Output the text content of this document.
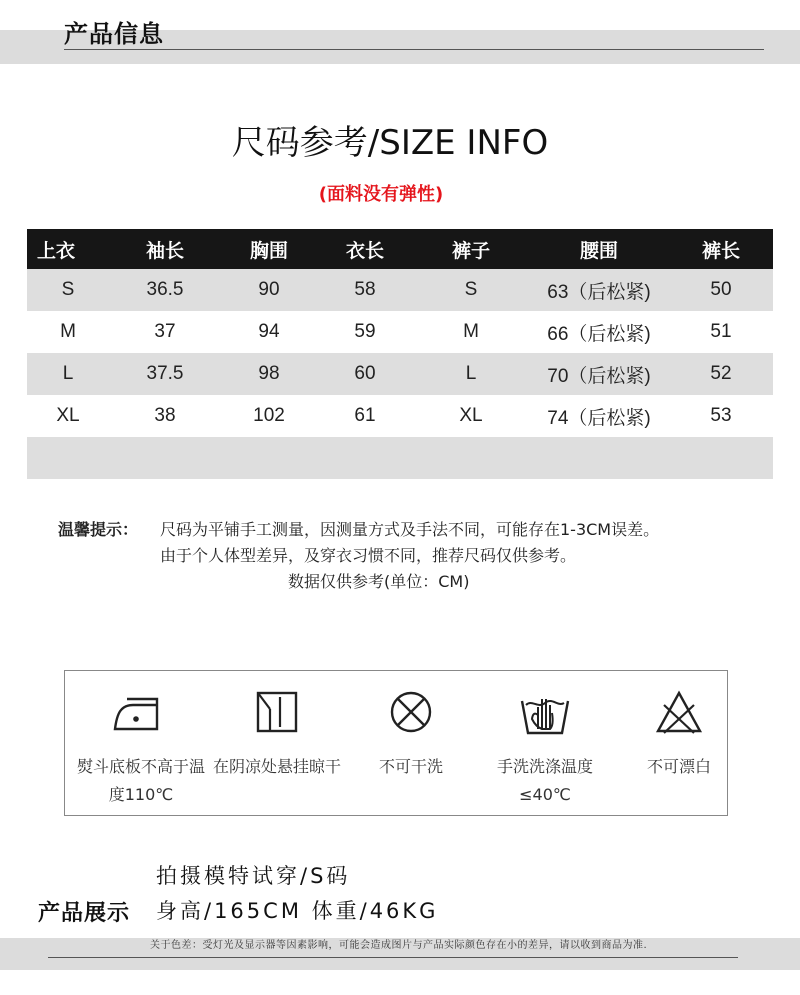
产品信息
尺码参考/SIZE INFO
(面料没有弹性)
上衣	袖长	胸围	衣长	裤子	腰围	裤长
S	36.5	90	58	S	63（后松紧)	50
M	37	94	59	M	66（后松紧)	51
L	37.5	98	60	L	70（后松紧)	52
XL	38	102	61	XL	74（后松紧)	53

温馨提示： 尺码为平铺手工测量，因测量方式及手法不同，可能存在1-3CM误差。
由于个人体型差异，及穿衣习惯不同，推荐尺码仅供参考。
数据仅供参考(单位：CM)
熨斗底板不高于温度110℃
在阴凉处悬挂晾干	不可干洗	手洗洗涤温度≤40℃
不可漂白
拍摄模特试穿/S码
身高/165CM 体重/46KG
产品展示
关于色差：受灯光及显示器等因素影响，可能会造成图片与产品实际颜色存在小的差异，请以收到商品为准.
